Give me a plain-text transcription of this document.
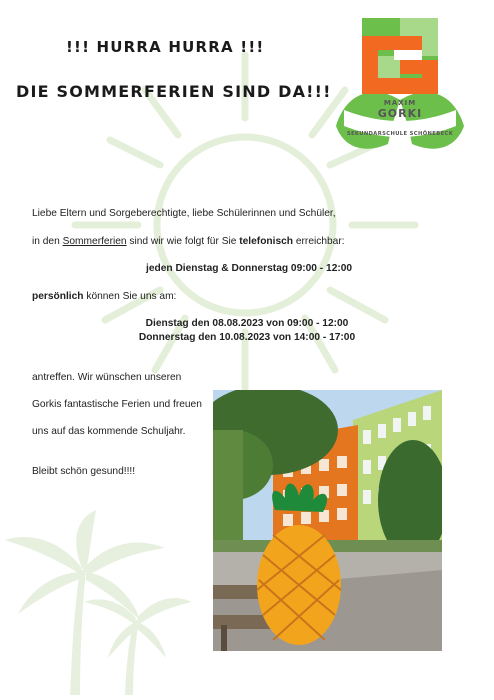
!!! HURRA HURRA !!!
DIE SOMMERFERIEN SIND DA!!!
MAXIM
GORKI
SEKUNDARSCHULE SCHÖNEBECK
Liebe Eltern und Sorgeberechtigte, liebe Schülerinnen und Schüler,
in den Sommerferien sind wir wie folgt für Sie telefonisch erreichbar:
jeden Dienstag & Donnerstag 09:00 - 12:00
persönlich können Sie uns am:
Dienstag den 08.08.2023 von 09:00 - 12:00
Donnerstag den 10.08.2023 von 14:00 - 17:00
antreffen. Wir wünschen unseren
Gorkis fantastische Ferien und freuen
uns auf das kommende Schuljahr.
Bleibt schön gesund!!!!
